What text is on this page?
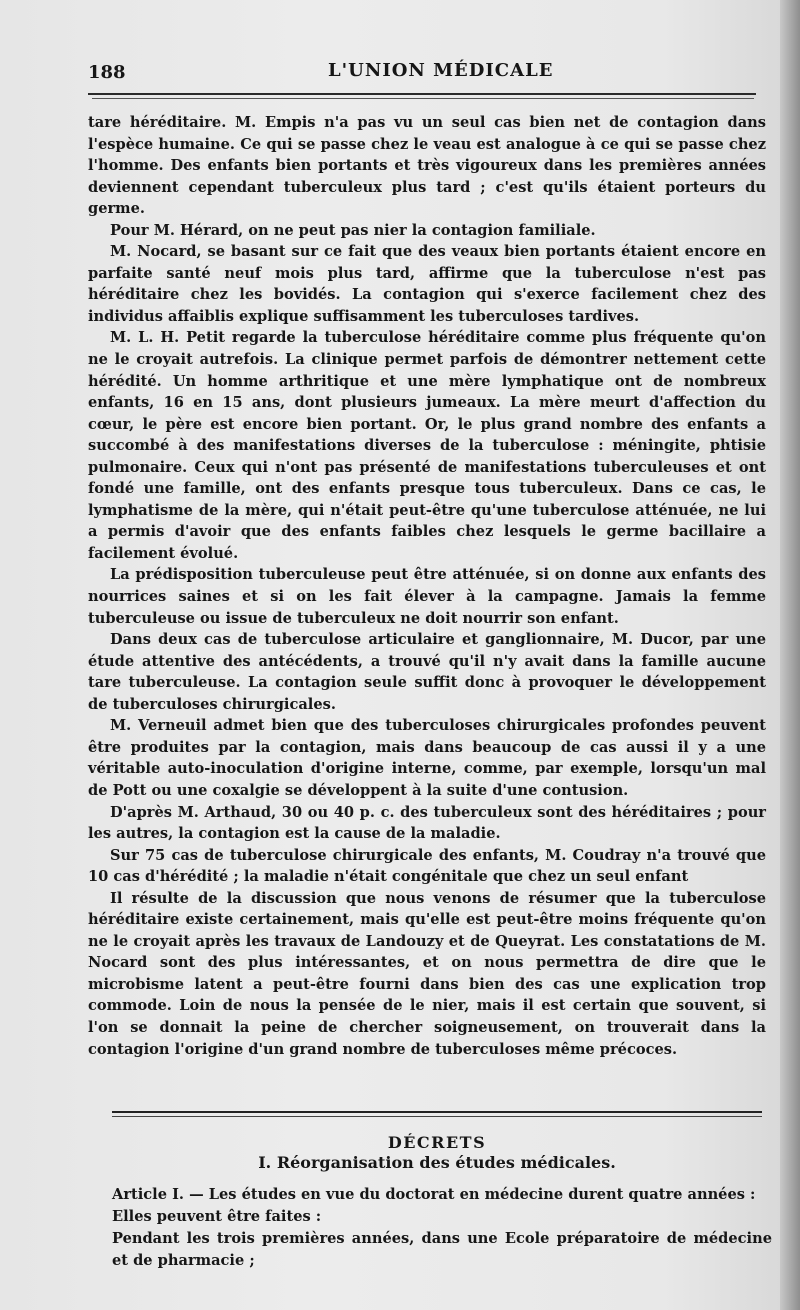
188	L'UNION MÉDICALE

tare héréditaire. M. Empis n'a pas vu un seul cas bien net de contagion dans l'espèce humaine. Ce qui se passe chez le veau est analogue à ce qui se passe chez l'homme. Des enfants bien portants et très vigoureux dans les premières années deviennent cependant tuberculeux plus tard ; c'est qu'ils étaient porteurs du germe.

Pour M. Hérard, on ne peut pas nier la contagion familiale.

M. Nocard, se basant sur ce fait que des veaux bien portants étaient encore en parfaite santé neuf mois plus tard, affirme que la tuberculose n'est pas héréditaire chez les bovidés. La contagion qui s'exerce facilement chez des individus affaiblis explique suffisamment les tuberculoses tardives.

M. L. H. Petit regarde la tuberculose héréditaire comme plus fréquente qu'on ne le croyait autrefois. La clinique permet parfois de démontrer nettement cette hérédité. Un homme arthritique et une mère lymphatique ont de nombreux enfants, 16 en 15 ans, dont plusieurs jumeaux. La mère meurt d'affection du cœur, le père est encore bien portant. Or, le plus grand nombre des enfants a succombé à des manifestations diverses de la tuberculose : méningite, phtisie pulmonaire. Ceux qui n'ont pas présenté de manifestations tuberculeuses et ont fondé une famille, ont des enfants presque tous tuberculeux. Dans ce cas, le lymphatisme de la mère, qui n'était peut-être qu'une tuberculose atténuée, ne lui a permis d'avoir que des enfants faibles chez lesquels le germe bacillaire a facilement évolué.

La prédisposition tuberculeuse peut être atténuée, si on donne aux enfants des nourrices saines et si on les fait élever à la campagne. Jamais la femme tuberculeuse ou issue de tuberculeux ne doit nourrir son enfant.

Dans deux cas de tuberculose articulaire et ganglionnaire, M. Ducor, par une étude attentive des antécédents, a trouvé qu'il n'y avait dans la famille aucune tare tuberculeuse. La contagion seule suffit donc à provoquer le développement de tuberculoses chirurgicales.

M. Verneuil admet bien que des tuberculoses chirurgicales profondes peuvent être produites par la contagion, mais dans beaucoup de cas aussi il y a une véritable auto-inoculation d'origine interne, comme, par exemple, lorsqu'un mal de Pott ou une coxalgie se développent à la suite d'une contusion.

D'après M. Arthaud, 30 ou 40 p. c. des tuberculeux sont des héréditaires ; pour les autres, la contagion est la cause de la maladie.

Sur 75 cas de tuberculose chirurgicale des enfants, M. Coudray n'a trouvé que 10 cas d'hérédité ; la maladie n'était congénitale que chez un seul enfant

Il résulte de la discussion que nous venons de résumer que la tuberculose héréditaire existe certainement, mais qu'elle est peut-être moins fréquente qu'on ne le croyait après les travaux de Landouzy et de Queyrat. Les constatations de M. Nocard sont des plus intéressantes, et on nous permettra de dire que le microbisme latent a peut-être fourni dans bien des cas une explication trop commode. Loin de nous la pensée de le nier, mais il est certain que souvent, si l'on se donnait la peine de chercher soigneusement, on trouverait dans la contagion l'origine d'un grand nombre de tuberculoses même précoces.

DÉCRETS
I. Réorganisation des études médicales.

Article I. — Les études en vue du doctorat en médecine durent quatre années :

Elles peuvent être faites :

Pendant les trois premières années, dans une Ecole préparatoire de médecine et de pharmacie ;
